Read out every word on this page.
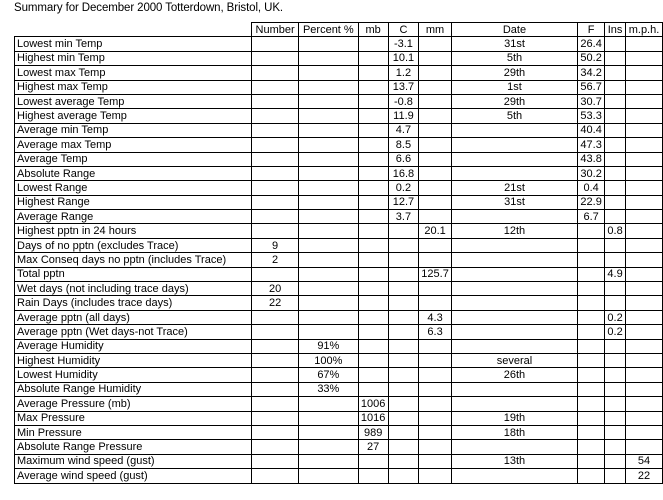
Summary for December 2000 Totterdown, Bristol, UK.
	Number	Percent %	mb	C	mm	Date	F	Ins	m.p.h.
Lowest min Temp				-3.1		31st	26.4		
Highest min Temp				10.1		5th	50.2		
Lowest max Temp				1.2		29th	34.2		
Highest max Temp				13.7		1st	56.7		
Lowest average Temp				-0.8		29th	30.7		
Highest average Temp				11.9		5th	53.3		
Average min Temp				4.7			40.4		
Average max Temp				8.5			47.3		
Average Temp				6.6			43.8		
Absolute Range				16.8			30.2		
Lowest Range				0.2		21st	0.4		
Highest Range				12.7		31st	22.9		
Average Range				3.7			6.7		
Highest pptn in 24 hours					20.1	12th		0.8	
Days of no pptn (excludes Trace)	9								
Max Conseq days no pptn (includes Trace)	2								
Total pptn					125.7			4.9	
Wet days (not including trace days)	20								
Rain Days (includes trace days)	22								
Average pptn (all days)					4.3			0.2	
Average pptn (Wet days-not Trace)					6.3			0.2	
Average Humidity		91%							
Highest Humidity		100%				several			
Lowest Humidity		67%				26th			
Absolute Range Humidity		33%							
Average Pressure (mb)			1006						
Max Pressure			1016			19th			
Min Pressure			989			18th			
Absolute Range Pressure			27						
Maximum wind speed (gust)						13th			54
Average wind speed (gust)									22
